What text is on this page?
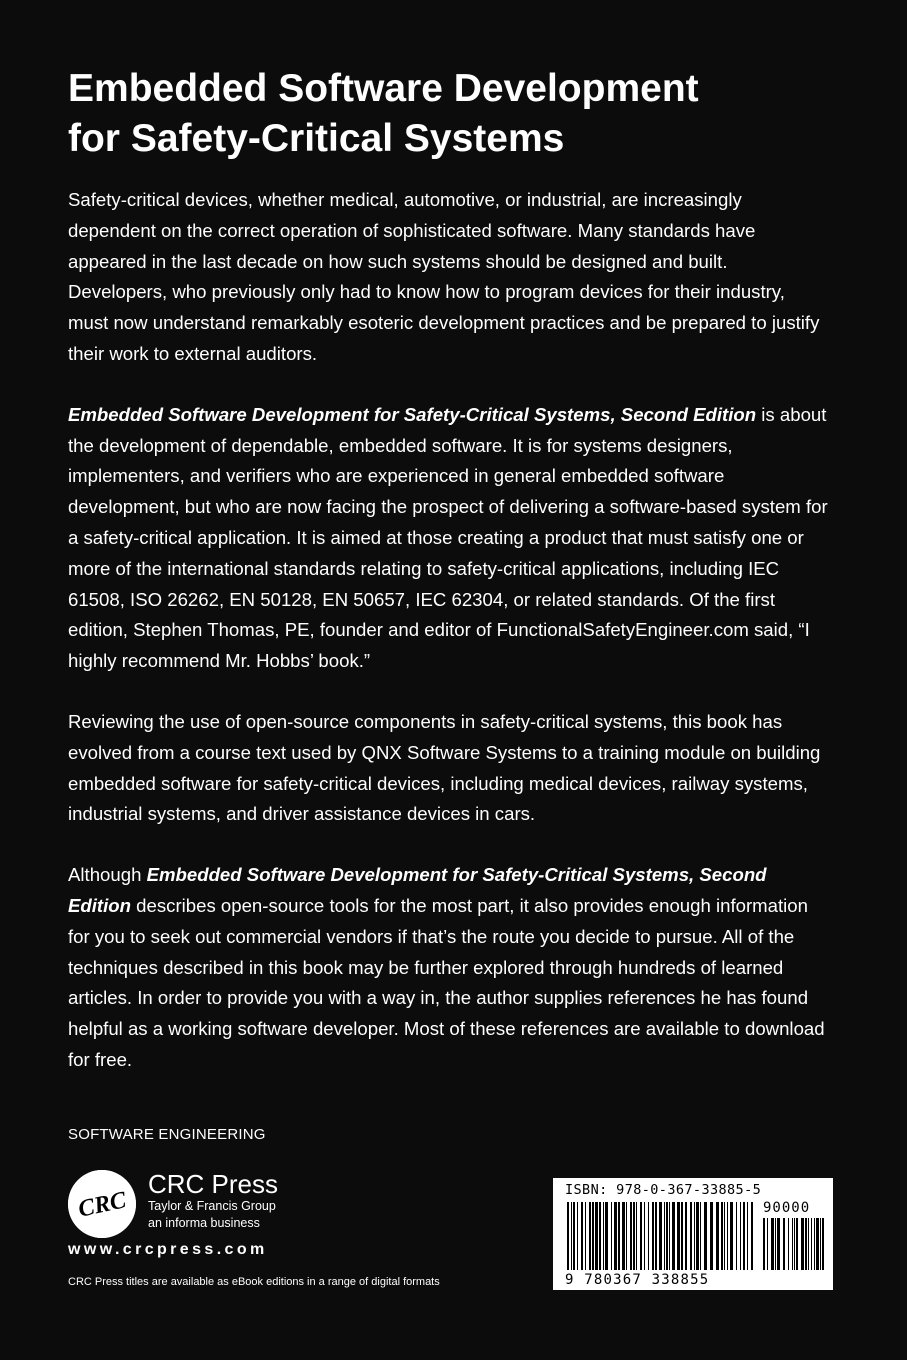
Embedded Software Development
for Safety-Critical Systems

Safety-critical devices, whether medical, automotive, or industrial, are increasingly dependent on the correct operation of sophisticated software. Many standards have appeared in the last decade on how such systems should be designed and built. Developers, who previously only had to know how to program devices for their industry, must now understand remarkably esoteric development practices and be prepared to justify their work to external auditors.

Embedded Software Development for Safety-Critical Systems, Second Edition is about the development of dependable, embedded software. It is for systems designers, implementers, and verifiers who are experienced in general embedded software development, but who are now facing the prospect of delivering a software-based system for a safety-critical application. It is aimed at those creating a product that must satisfy one or more of the international standards relating to safety-critical applications, including IEC 61508, ISO 26262, EN 50128, EN 50657, IEC 62304, or related standards. Of the first edition, Stephen Thomas, PE, founder and editor of FunctionalSafetyEngineer.com said, “I highly recommend Mr. Hobbs’ book.”

Reviewing the use of open-source components in safety-critical systems, this book has evolved from a course text used by QNX Software Systems to a training module on building embedded software for safety-critical devices, including medical devices, railway systems, industrial systems, and driver assistance devices in cars.

Although Embedded Software Development for Safety-Critical Systems, Second Edition describes open-source tools for the most part, it also provides enough information for you to seek out commercial vendors if that’s the route you decide to pursue. All of the techniques described in this book may be further explored through hundreds of learned articles. In order to provide you with a way in, the author supplies references he has found helpful as a working software developer. Most of these references are available to download for free.

SOFTWARE ENGINEERING
CRC
CRC Press
Taylor & Francis Group
an informa business
www.crcpress.com
CRC Press titles are available as eBook editions in a range of digital formats
ISBN: 978-0-367-33885-5
90000
9 780367 338855
